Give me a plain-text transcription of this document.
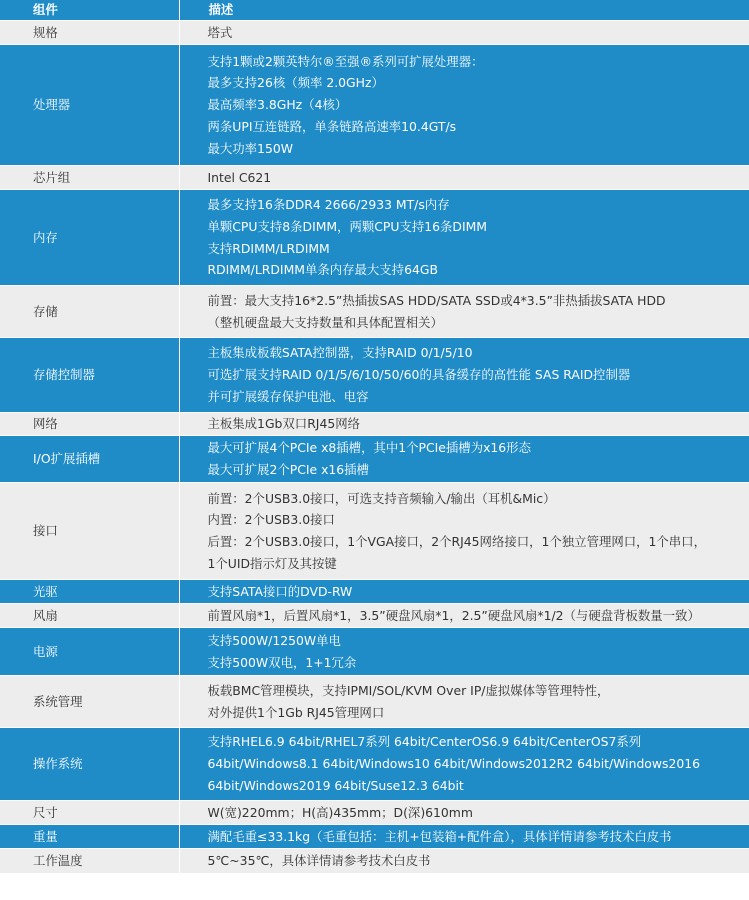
组件	描述
规格	塔式

处理器	支持1颗或2颗英特尔®至强®系列可扩展处理器：
最多支持26核（频率 2.0GHz）
最高频率3.8GHz（4核）
两条UPI互连链路，单条链路高速率10.4GT/s
最大功率150W

芯片组	Intel C621

内存	最多支持16条DDR4 2666/2933 MT/s内存
单颗CPU支持8条DIMM，两颗CPU支持16条DIMM
支持RDIMM/LRDIMM
RDIMM/LRDIMM单条内存最大支持64GB

存储	前置：最大支持16*2.5”热插拔SAS HDD/SATA SSD或4*3.5”非热插拔SATA HDD
（整机硬盘最大支持数量和具体配置相关）

存储控制器	主板集成板载SATA控制器，支持RAID 0/1/5/10
可选扩展支持RAID 0/1/5/6/10/50/60的具备缓存的高性能 SAS RAID控制器
并可扩展缓存保护电池、电容

网络	主板集成1Gb双口RJ45网络

I/O扩展插槽	最大可扩展4个PCIe x8插槽，其中1个PCIe插槽为x16形态
最大可扩展2个PCIe x16插槽

接口	前置：2个USB3.0接口，可选支持音频输入/输出（耳机&Mic）
内置：2个USB3.0接口
后置：2个USB3.0接口，1个VGA接口，2个RJ45网络接口，1个独立管理网口，1个串口，
1个UID指示灯及其按键

光驱	支持SATA接口的DVD-RW

风扇	前置风扇*1，后置风扇*1，3.5”硬盘风扇*1，2.5”硬盘风扇*1/2（与硬盘背板数量一致）

电源	支持500W/1250W单电
支持500W双电，1+1冗余

系统管理	板载BMC管理模块，支持IPMI/SOL/KVM Over IP/虚拟媒体等管理特性，
对外提供1个1Gb RJ45管理网口

操作系统	支持RHEL6.9 64bit/RHEL7系列 64bit/CenterOS6.9 64bit/CenterOS7系列
64bit/Windows8.1 64bit/Windows10 64bit/Windows2012R2 64bit/Windows2016
64bit/Windows2019 64bit/Suse12.3 64bit

尺寸	W(宽)220mm；H(高)435mm；D(深)610mm

重量	满配毛重≤33.1kg（毛重包括：主机+包装箱+配件盒），具体详情请参考技术白皮书

工作温度	5℃~35℃，具体详情请参考技术白皮书
